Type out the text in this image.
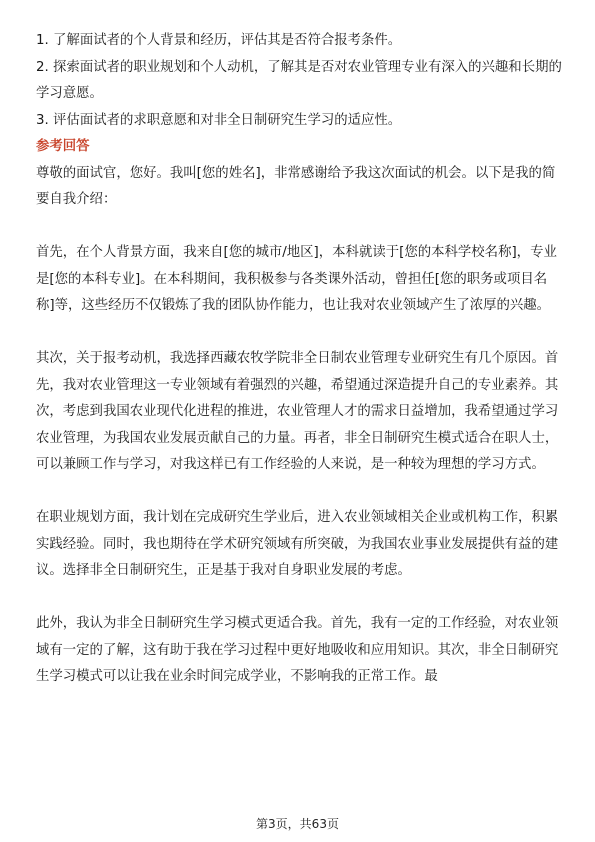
1. 了解面试者的个人背景和经历，评估其是否符合报考条件。

2. 探索面试者的职业规划和个人动机，了解其是否对农业管理专业有深入的兴趣和长期的学习意愿。

3. 评估面试者的求职意愿和对非全日制研究生学习的适应性。

参考回答

尊敬的面试官，您好。我叫[您的姓名]，非常感谢给予我这次面试的机会。以下是我的简要自我介绍：

首先，在个人背景方面，我来自[您的城市/地区]，本科就读于[您的本科学校名称]，专业是[您的本科专业]。在本科期间，我积极参与各类课外活动，曾担任[您的职务或项目名称]等，这些经历不仅锻炼了我的团队协作能力，也让我对农业领域产生了浓厚的兴趣。

其次，关于报考动机，我选择西藏农牧学院非全日制农业管理专业研究生有几个原因。首先，我对农业管理这一专业领域有着强烈的兴趣，希望通过深造提升自己的专业素养。其次，考虑到我国农业现代化进程的推进，农业管理人才的需求日益增加，我希望通过学习农业管理，为我国农业发展贡献自己的力量。再者，非全日制研究生模式适合在职人士，可以兼顾工作与学习，对我这样已有工作经验的人来说，是一种较为理想的学习方式。

在职业规划方面，我计划在完成研究生学业后，进入农业领域相关企业或机构工作，积累实践经验。同时，我也期待在学术研究领域有所突破，为我国农业事业发展提供有益的建议。选择非全日制研究生，正是基于我对自身职业发展的考虑。

此外，我认为非全日制研究生学习模式更适合我。首先，我有一定的工作经验，对农业领域有一定的了解，这有助于我在学习过程中更好地吸收和应用知识。其次，非全日制研究生学习模式可以让我在业余时间完成学业，不影响我的正常工作。最

第3页，共63页
